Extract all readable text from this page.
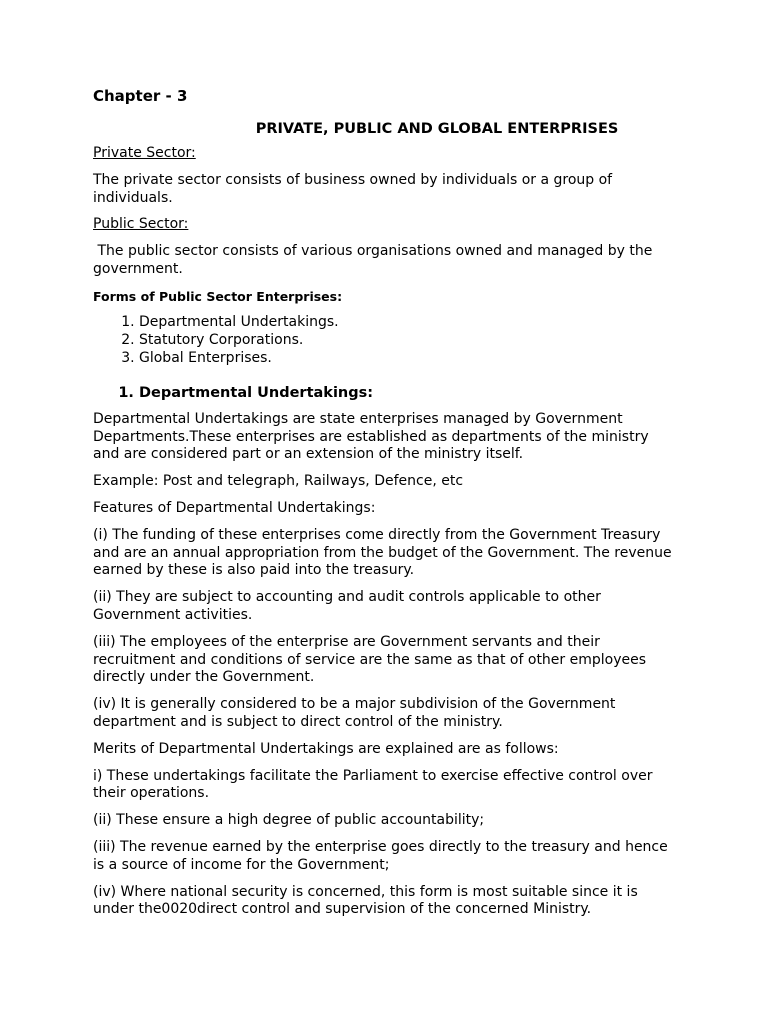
Chapter - 3
PRIVATE, PUBLIC AND GLOBAL ENTERPRISES

Private Sector:

The private sector consists of business owned by individuals or a group of individuals.

Public Sector:

The public sector consists of various organisations owned and managed by the government.

Forms of Public Sector Enterprises:
1. Departmental Undertakings.
2. Statutory Corporations.
3. Global Enterprises.
1. Departmental Undertakings:

Departmental Undertakings are state enterprises managed by Government Departments.These enterprises are established as departments of the ministry and are considered part or an extension of the ministry itself.

Example: Post and telegraph, Railways, Defence, etc

Features of Departmental Undertakings:

(i) The funding of these enterprises come directly from the Government Treasury and are an annual appropriation from the budget of the Government. The revenue earned by these is also paid into the treasury.

(ii) They are subject to accounting and audit controls applicable to other Government activities.

(iii) The employees of the enterprise are Government servants and their recruitment and conditions of service are the same as that of other employees directly under the Government.

(iv) It is generally considered to be a major subdivision of the Government department and is subject to direct control of the ministry.

Merits of Departmental Undertakings are explained are as follows:

i) These undertakings facilitate the Parliament to exercise effective control over their operations.

(ii) These ensure a high degree of public accountability;

(iii) The revenue earned by the enterprise goes directly to the treasury and hence is a source of income for the Government;

(iv) Where national security is concerned, this form is most suitable since it is under the0020direct control and supervision of the concerned Ministry.
